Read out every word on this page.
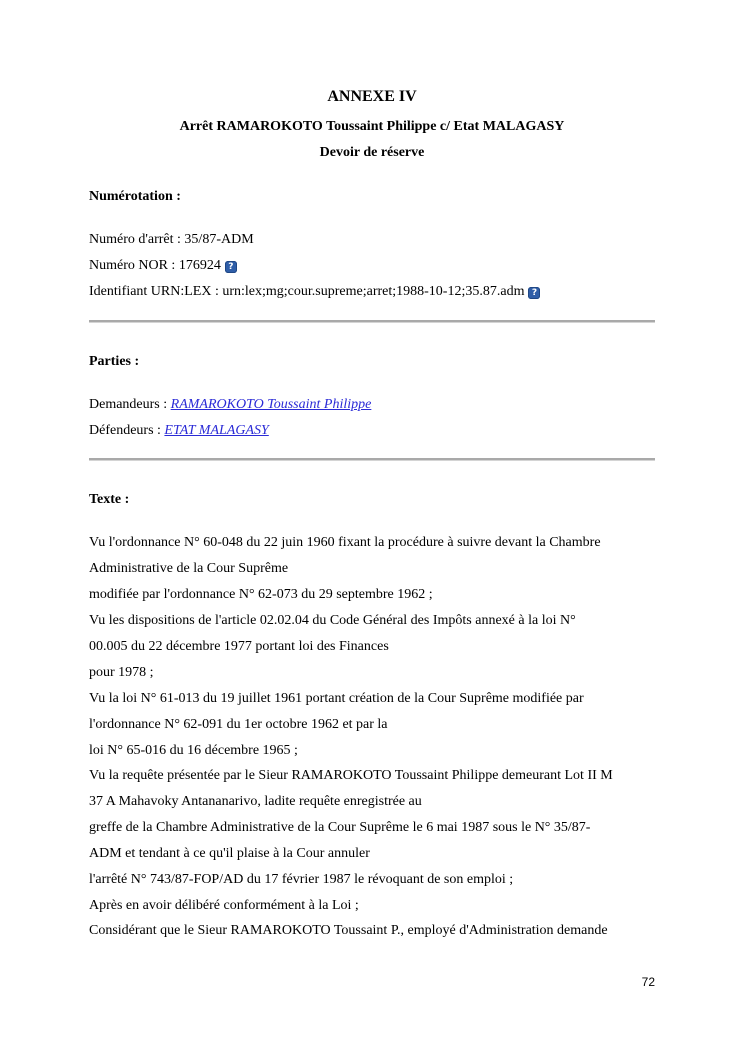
ANNEXE IV
Arrêt RAMAROKOTO Toussaint Philippe c/ Etat MALAGASY
Devoir de réserve
Numérotation :
Numéro d'arrêt : 35/87-ADM
Numéro NOR : 176924 ?
Identifiant URN:LEX : urn:lex;mg;cour.supreme;arret;1988-10-12;35.87.adm ?
Parties :
Demandeurs : RAMAROKOTO Toussaint Philippe
Défendeurs : ETAT MALAGASY
Texte :
Vu l'ordonnance N° 60-048 du 22 juin 1960 fixant la procédure à suivre devant la Chambre
Administrative de la Cour Suprême
modifiée par l'ordonnance N° 62-073 du 29 septembre 1962 ;
Vu les dispositions de l'article 02.02.04 du Code Général des Impôts annexé à la loi N°
00.005 du 22 décembre 1977 portant loi des Finances
pour 1978 ;
Vu la loi N° 61-013 du 19 juillet 1961 portant création de la Cour Suprême modifiée par
l'ordonnance N° 62-091 du 1er octobre 1962 et par la
loi N° 65-016 du 16 décembre 1965 ;
Vu la requête présentée par le Sieur RAMAROKOTO Toussaint Philippe demeurant Lot II M
37 A Mahavoky Antananarivo, ladite requête enregistrée au
greffe de la Chambre Administrative de la Cour Suprême le 6 mai 1987 sous le N° 35/87-
ADM et tendant à ce qu'il plaise à la Cour annuler
l'arrêté N° 743/87-FOP/AD du 17 février 1987 le révoquant de son emploi ;
Après en avoir délibéré conformément à la Loi ;
Considérant que le Sieur RAMAROKOTO Toussaint P., employé d'Administration demande
72
